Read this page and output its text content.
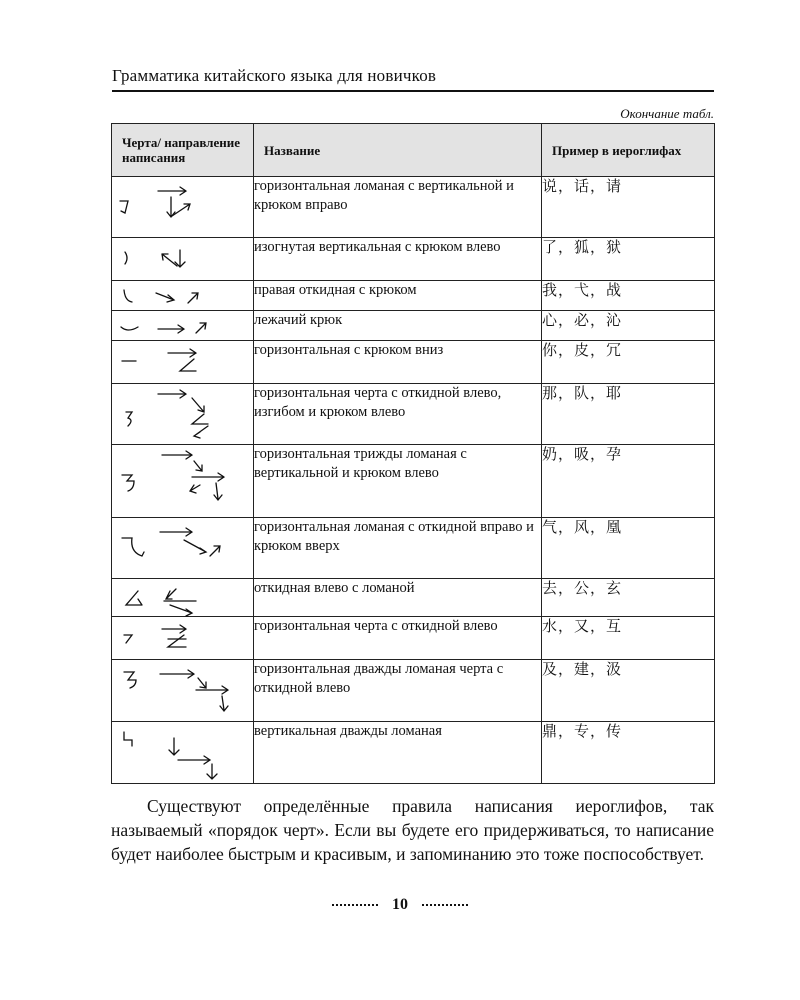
Грамматика китайского языка для новичков
Окончание табл.
Черта/ направление написания	Название	Пример в иероглифах

	горизонтальная ломаная с вертикальной и крюком вправо	说，话，请

	изогнутая вертикальная с крюком влево	了，狐，狱

	правая откидная с крюком	我，弋，战

	лежачий крюк	心，必，沁

	горизонтальная с крюком вниз	你，皮，冗

	горизонтальная черта с откидной влево, изгибом и крюком влево	那，队，耶

	горизонтальная трижды ломаная с вертикальной и крюком влево	奶，吸，孕

	горизонтальная ломаная с откидной вправо и крюком вверх	气，风，凰

	откидная влево с ломаной	去，公，玄

	горизонтальная черта с откидной влево	水，又，互

	горизонтальная дважды ломаная черта с откидной влево	及，建，汲

	вертикальная дважды ломаная	鼎，专，传
Существуют определённые правила написания иероглифов, так называемый «порядок черт». Если вы будете его придерживаться, то написание будет наиболее быстрым и красивым, и запоминанию это тоже поспособствует.
10
